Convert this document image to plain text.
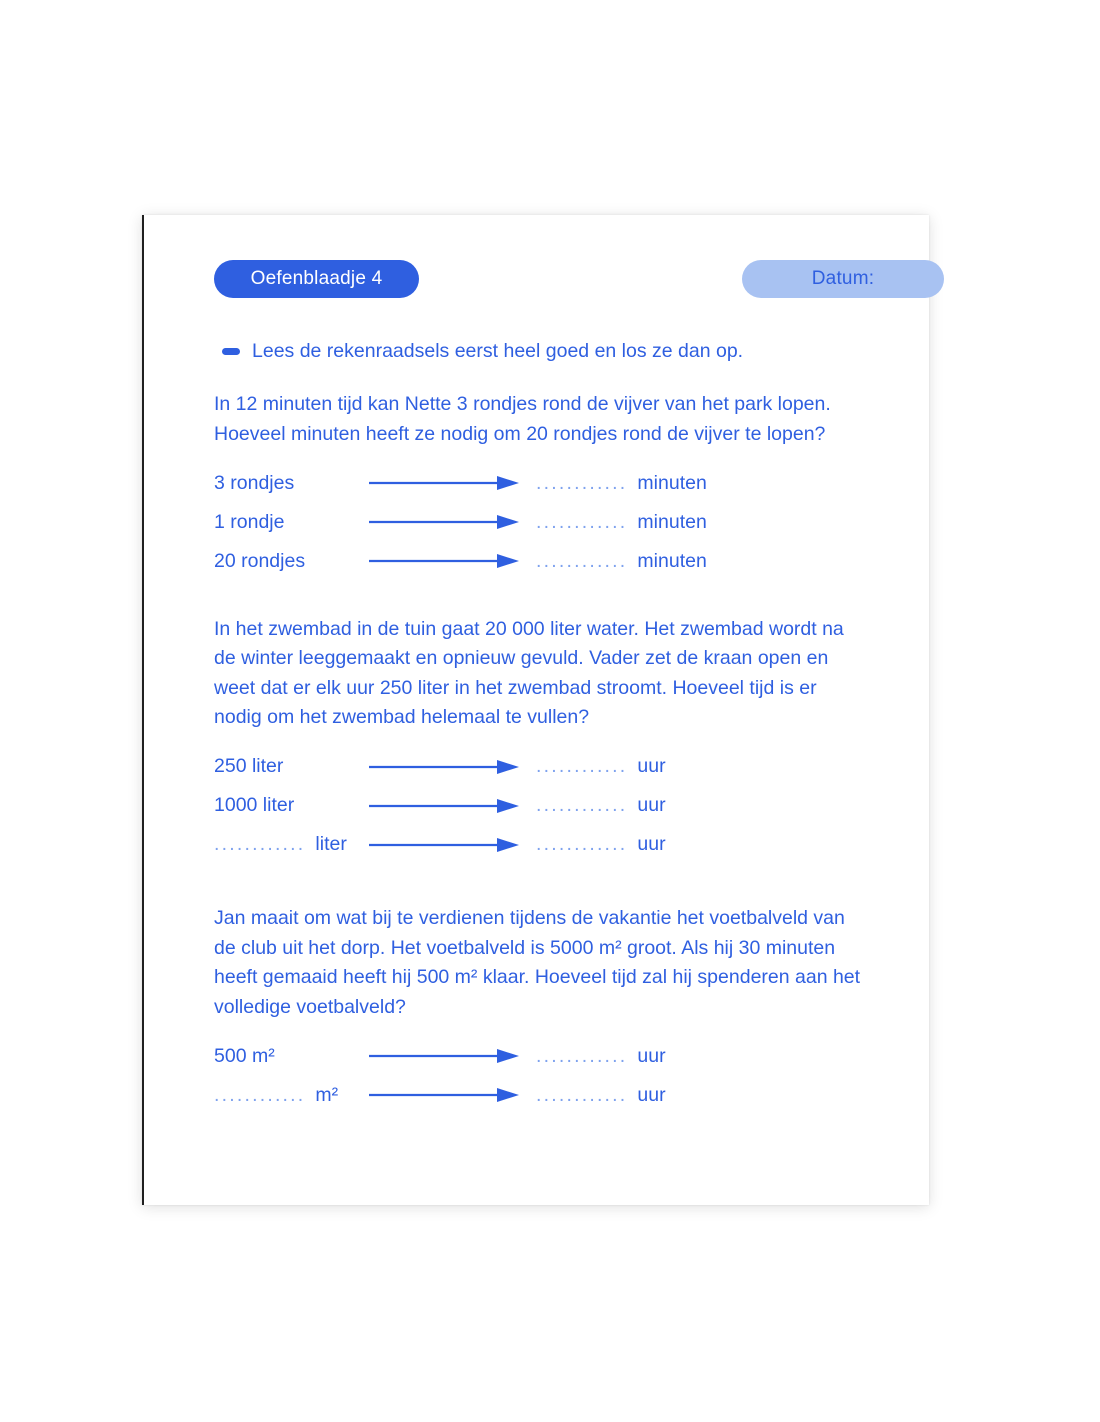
Oefenblaadje 4	Datum:
Lees de rekenraadsels eerst heel goed en los ze dan op.
In 12 minuten tijd kan Nette 3 rondjes rond de vijver van het park lopen. Hoeveel minuten heeft ze nodig om 20 rondjes rond de vijver te lopen?
3 rondjes	............ minuten
1 rondje	............ minuten
20 rondjes	............ minuten
In het zwembad in de tuin gaat 20 000 liter water. Het zwembad wordt na de winter leeggemaakt en opnieuw gevuld. Vader zet de kraan open en weet dat er elk uur 250 liter in het zwembad stroomt. Hoeveel tijd is er nodig om het zwembad helemaal te vullen?
250 liter	............ uur
1000 liter	............ uur
............ liter	............ uur
Jan maait om wat bij te verdienen tijdens de vakantie het voetbalveld van de club uit het dorp. Het voetbalveld is 5000 m² groot. Als hij 30 minuten heeft gemaaid heeft hij 500 m² klaar. Hoeveel tijd zal hij spenderen aan het volledige voetbalveld?
500 m²	............ uur
............ m²	............ uur
